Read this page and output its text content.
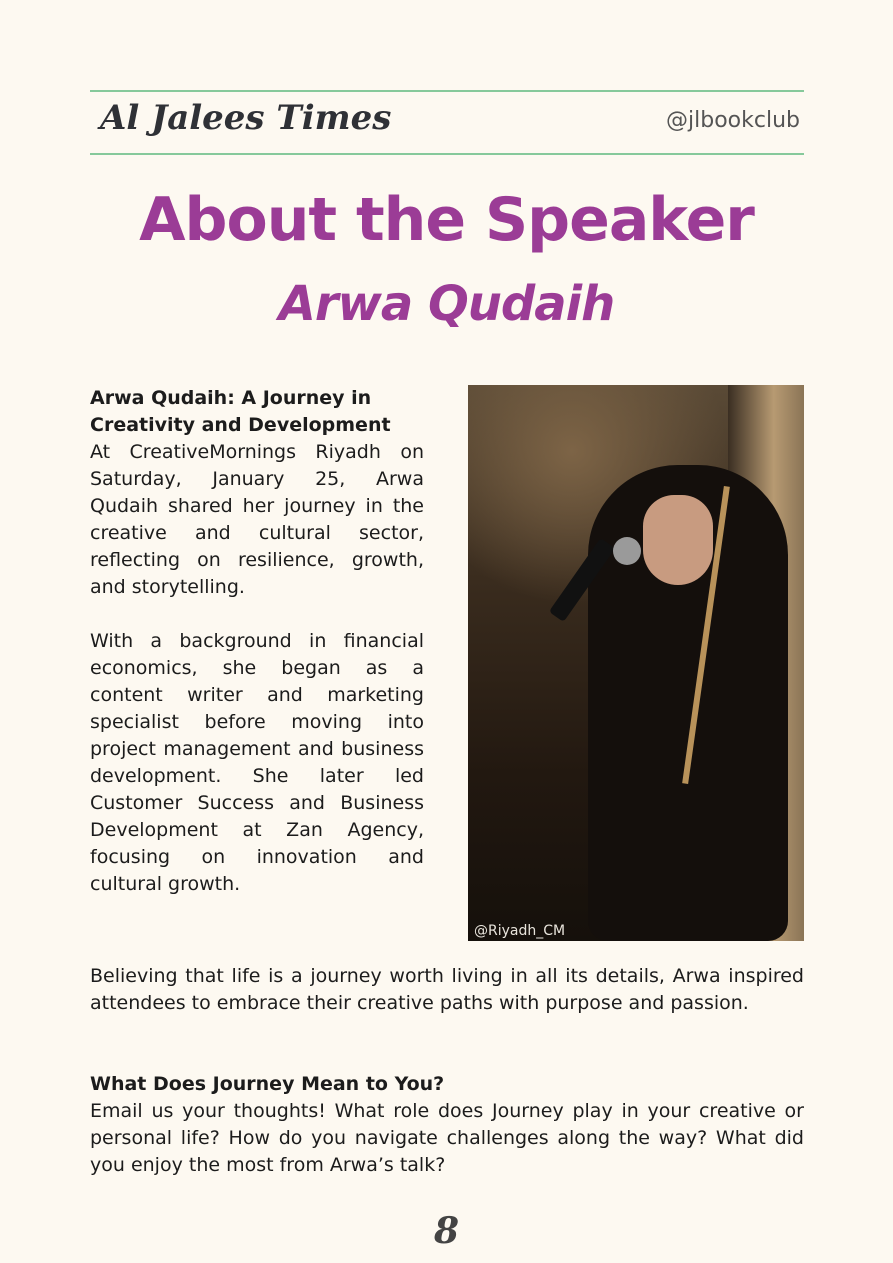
Al Jalees Times	@jlbookclub
About the Speaker
Arwa Qudaih

Arwa Qudaih: A Journey in Creativity and Development
At CreativeMornings Riyadh on Saturday, January 25, Arwa Qudaih shared her journey in the creative and cultural sector, reflecting on resilience, growth, and storytelling.

With a background in financial economics, she began as a content writer and marketing specialist before moving into project management and business development. She later led Customer Success and Business Development at Zan Agency, focusing on innovation and cultural growth.

@Riyadh_CM
Believing that life is a journey worth living in all its details, Arwa inspired attendees to embrace their creative paths with purpose and passion.
What Does Journey Mean to You?
Email us your thoughts! What role does Journey play in your creative or personal life? How do you navigate challenges along the way? What did you enjoy the most from Arwa’s talk?
8
